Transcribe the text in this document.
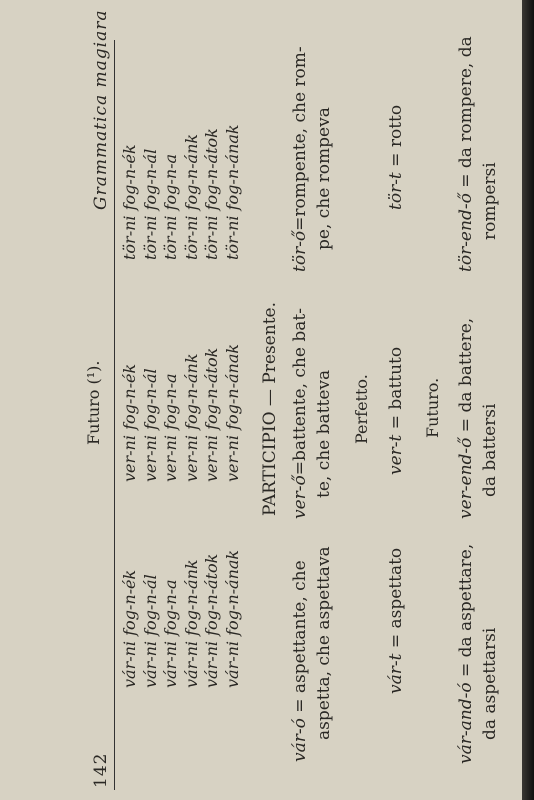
142
Grammatica magiara
Futuro (¹).
vár-ni fog-n-ék vár-ni fog-n-ál vár-ni fog-n-a vár-ni fog-n-ánk vár-ni fog-n-átok vár-ni fog-n-ának
ver-ni fog-n-ék ver-ni fog-n-ál ver-ni fog-n-a ver-ni fog-n-ánk ver-ni fog-n-átok ver-ni fog-n-ának
tör-ni fog-n-ék tör-ni fog-n-ál tör-ni fog-n-a tör-ni fog-n-ánk tör-ni fog-n-átok tör-ni fog-n-ának
PARTICIPIO — Presente.
vár-ó = aspettante, che aspetta, che aspettava
ver-ő=battente, che bat- te, che batteva
tör-ő=rompente, che rom- pe, che rompeva
Perfetto.
vár-t = aspettato
ver-t = battuto
tör-t = rotto
Futuro.
vár-and-ó = da aspettare,
da aspettarsi
ver-end-ő = da battere,
da battersi
tör-end-ő = da rompere, da
rompersi
